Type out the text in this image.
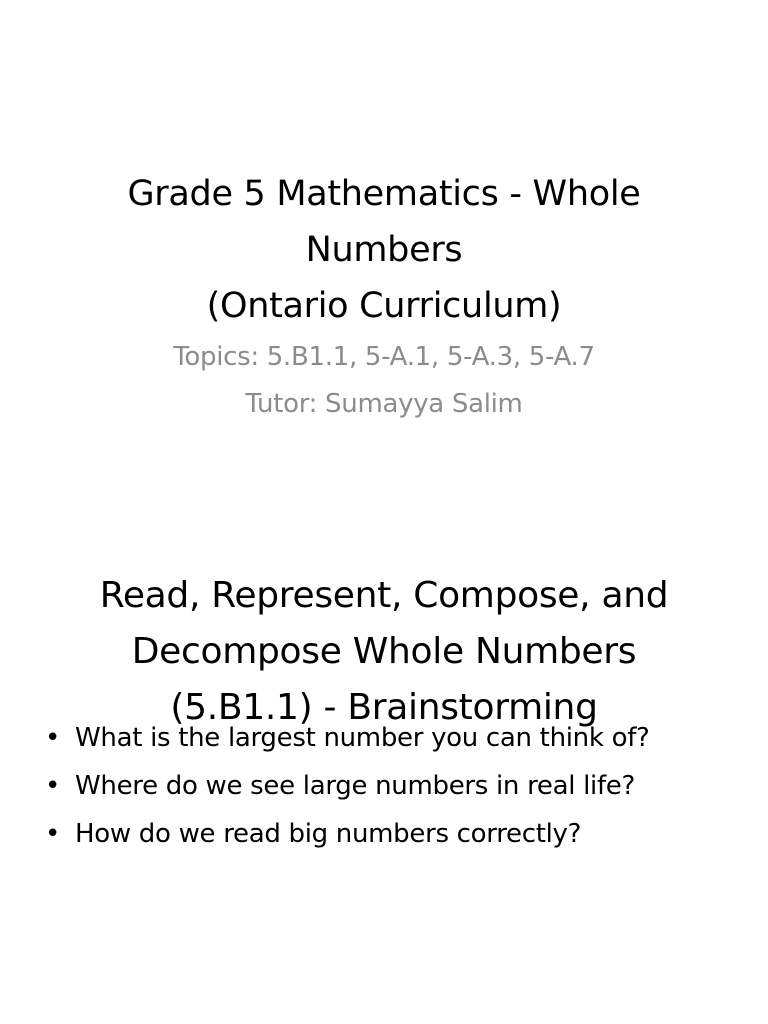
Grade 5 Mathematics - Whole
Numbers
(Ontario Curriculum)
Topics: 5.B1.1, 5-A.1, 5-A.3, 5-A.7
Tutor: Sumayya Salim
Read, Represent, Compose, and
Decompose Whole Numbers
(5.B1.1) - Brainstorming
• What is the largest number you can think of?
• Where do we see large numbers in real life?
• How do we read big numbers correctly?
